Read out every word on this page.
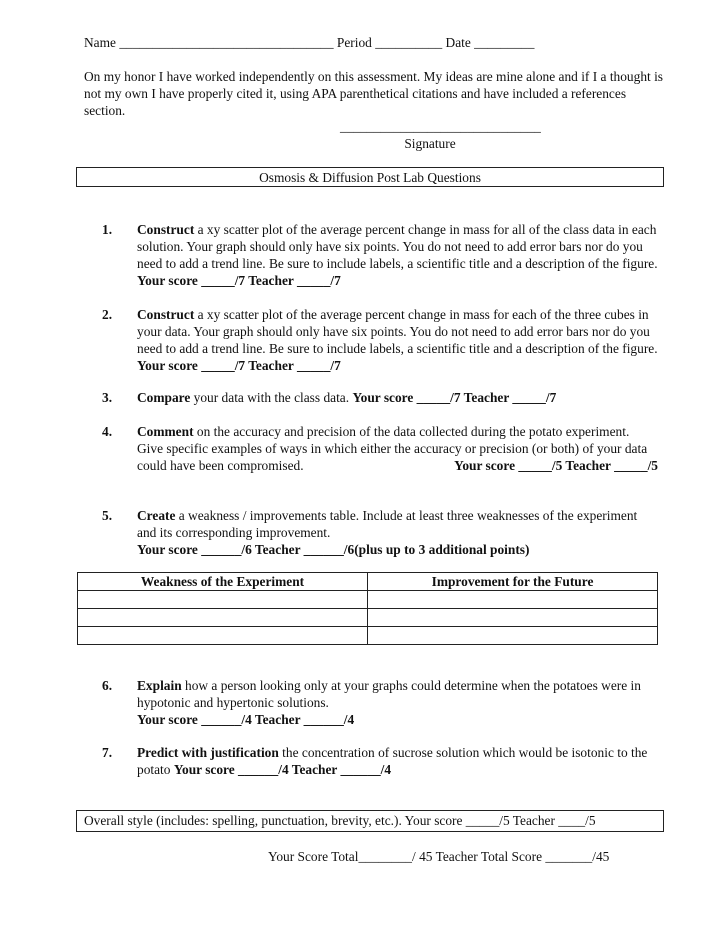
Name ________________________________ Period __________ Date _________
On my honor I have worked independently on this assessment. My ideas are mine alone and if I a thought is not my own I have properly cited it, using APA parenthetical citations and have included a references section.
______________________________
Signature
Osmosis & Diffusion Post Lab Questions
1.	Construct a xy scatter plot of the average percent change in mass for all of the class data in each solution. Your graph should only have six points. You do not need to add error bars nor do you need to add a trend line. Be sure to include labels, a scientific title and a description of the figure. Your score _____/7 Teacher _____/7
2.	Construct a xy scatter plot of the average percent change in mass for each of the three cubes in your data. Your graph should only have six points. You do not need to add error bars nor do you need to add a trend line. Be sure to include labels, a scientific title and a description of the figure. Your score _____/7 Teacher _____/7
3.	Compare your data with the class data. Your score _____/7 Teacher _____/7
4.	Comment on the accuracy and precision of the data collected during the potato experiment. Give specific examples of ways in which either the accuracy or precision (or both) of your data could have been compromised.	Your score _____/5 Teacher _____/5
5.	Create a weakness / improvements table. Include at least three weaknesses of the experiment and its corresponding improvement.
Your score ______/6 Teacher ______/6(plus up to 3 additional points)
Weakness of the Experiment	Improvement for the Future

6.	Explain how a person looking only at your graphs could determine when the potatoes were in hypotonic and hypertonic solutions.
Your score ______/4 Teacher ______/4
7.	Predict with justification the concentration of sucrose solution which would be isotonic to the potato Your score ______/4 Teacher ______/4
Overall style (includes: spelling, punctuation, brevity, etc.). Your score _____/5 Teacher ____/5
Your Score Total________/ 45 Teacher Total Score _______/45
